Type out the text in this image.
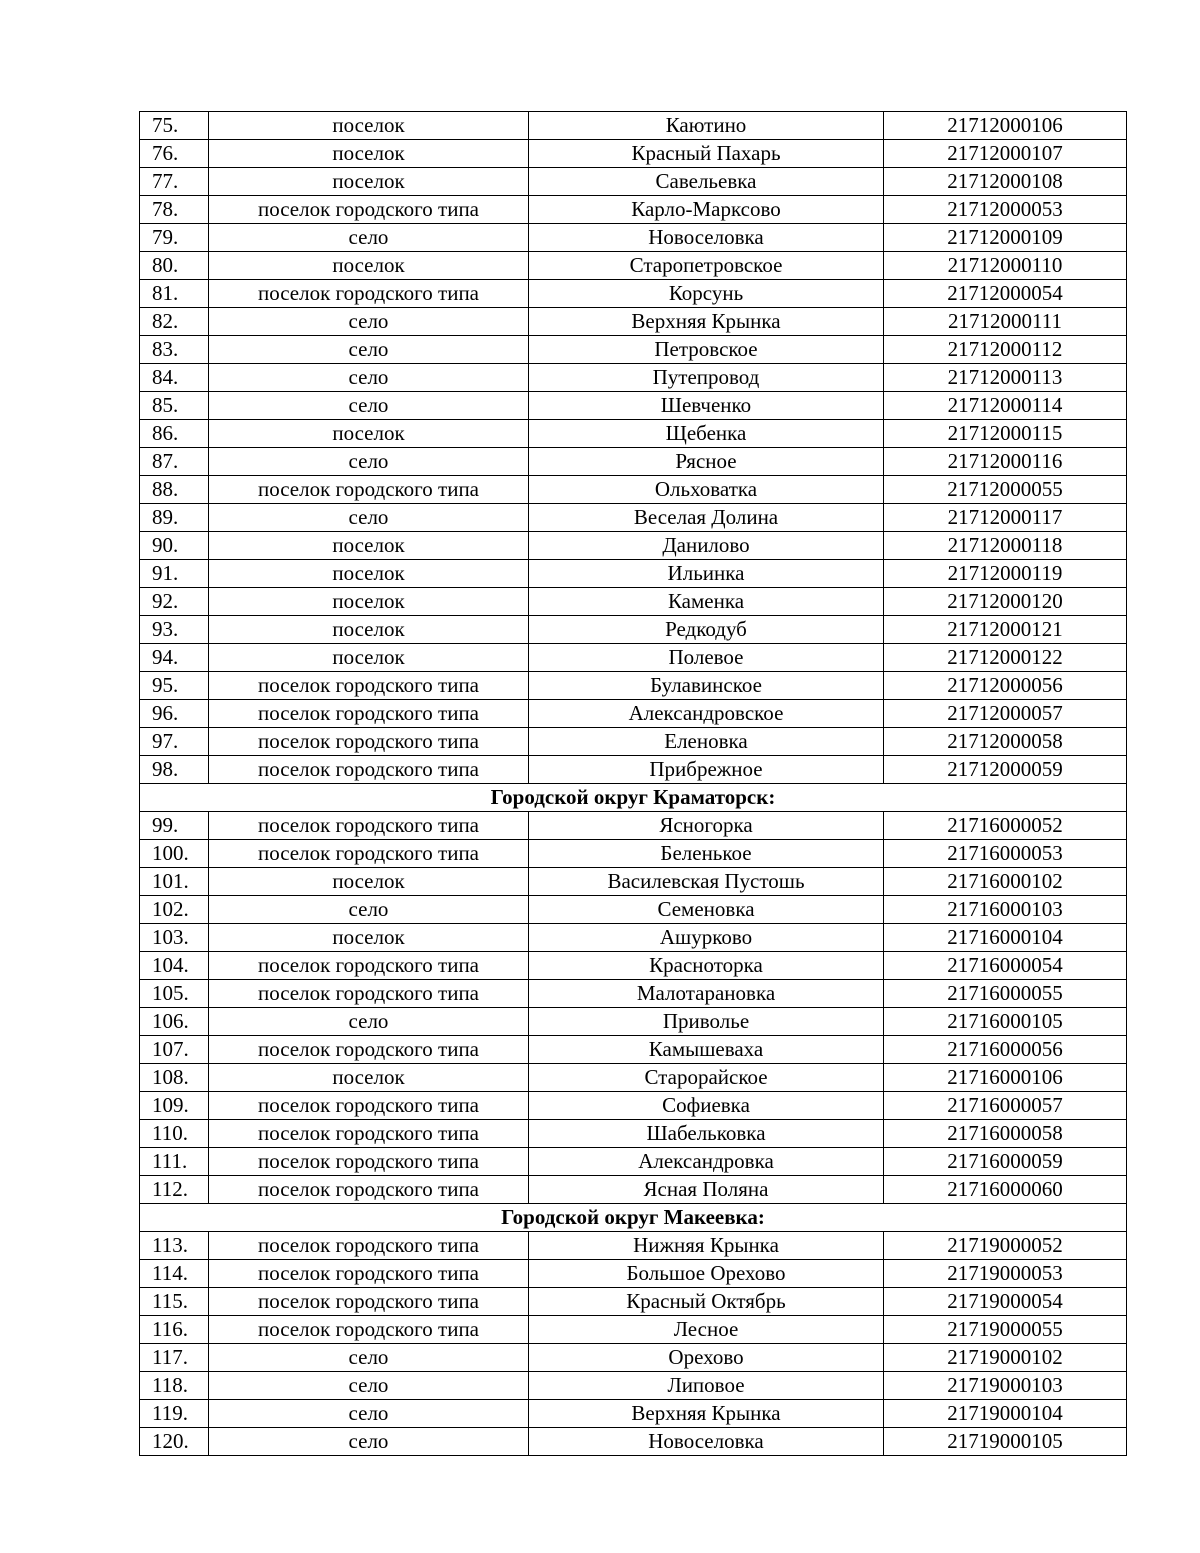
75.	поселок	Каютино	21712000106
76.	поселок	Красный Пахарь	21712000107
77.	поселок	Савельевка	21712000108
78.	поселок городского типа	Карло-Марксово	21712000053
79.	село	Новоселовка	21712000109
80.	поселок	Старопетровское	21712000110
81.	поселок городского типа	Корсунь	21712000054
82.	село	Верхняя Крынка	21712000111
83.	село	Петровское	21712000112
84.	село	Путепровод	21712000113
85.	село	Шевченко	21712000114
86.	поселок	Щебенка	21712000115
87.	село	Рясное	21712000116
88.	поселок городского типа	Ольховатка	21712000055
89.	село	Веселая Долина	21712000117
90.	поселок	Данилово	21712000118
91.	поселок	Ильинка	21712000119
92.	поселок	Каменка	21712000120
93.	поселок	Редкодуб	21712000121
94.	поселок	Полевое	21712000122
95.	поселок городского типа	Булавинское	21712000056
96.	поселок городского типа	Александровское	21712000057
97.	поселок городского типа	Еленовка	21712000058
98.	поселок городского типа	Прибрежное	21712000059
Городской округ Краматорск:			
99.	поселок городского типа	Ясногорка	21716000052
100.	поселок городского типа	Беленькое	21716000053
101.	поселок	Василевская Пустошь	21716000102
102.	село	Семеновка	21716000103
103.	поселок	Ашурково	21716000104
104.	поселок городского типа	Красноторка	21716000054
105.	поселок городского типа	Малотарановка	21716000055
106.	село	Приволье	21716000105
107.	поселок городского типа	Камышеваха	21716000056
108.	поселок	Старорайское	21716000106
109.	поселок городского типа	Софиевка	21716000057
110.	поселок городского типа	Шабельковка	21716000058
111.	поселок городского типа	Александровка	21716000059
112.	поселок городского типа	Ясная Поляна	21716000060
Городской округ Макеевка:			
113.	поселок городского типа	Нижняя Крынка	21719000052
114.	поселок городского типа	Большое Орехово	21719000053
115.	поселок городского типа	Красный Октябрь	21719000054
116.	поселок городского типа	Лесное	21719000055
117.	село	Орехово	21719000102
118.	село	Липовое	21719000103
119.	село	Верхняя Крынка	21719000104
120.	село	Новоселовка	21719000105
